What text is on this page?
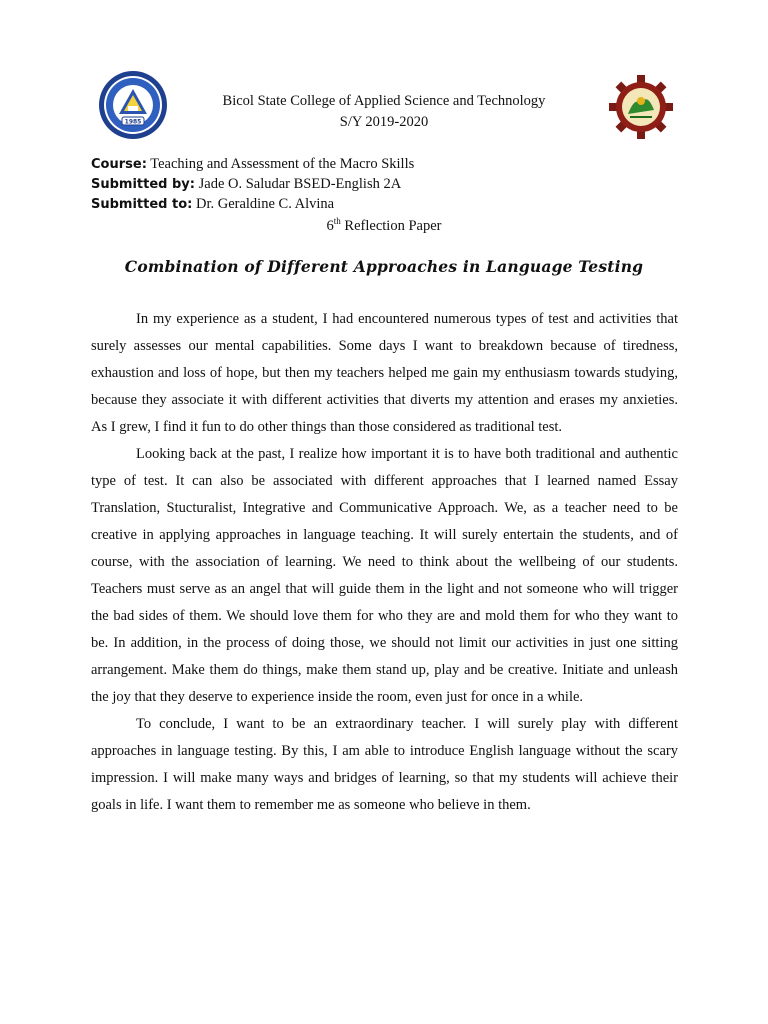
1985
Bicol State College of Applied Science and Technology
S/Y 2019-2020
Course: Teaching and Assessment of the Macro Skills
Submitted by: Jade O. Saludar BSED-English 2A
Submitted to: Dr. Geraldine C. Alvina
6th Reflection Paper
Combination of Different Approaches in Language Testing

In my experience as a student, I had encountered numerous types of test and activities that surely assesses our mental capabilities. Some days I want to breakdown because of tiredness, exhaustion and loss of hope, but then my teachers helped me gain my enthusiasm towards studying, because they associate it with different activities that diverts my attention and erases my anxieties. As I grew, I find it fun to do other things than those considered as traditional test.

Looking back at the past, I realize how important it is to have both traditional and authentic type of test. It can also be associated with different approaches that I learned named Essay Translation, Stucturalist, Integrative and Communicative Approach. We, as a teacher need to be creative in applying approaches in language teaching. It will surely entertain the students, and of course, with the association of learning. We need to think about the wellbeing of our students. Teachers must serve as an angel that will guide them in the light and not someone who will trigger the bad sides of them. We should love them for who they are and mold them for who they want to be. In addition, in the process of doing those, we should not limit our activities in just one sitting arrangement. Make them do things, make them stand up, play and be creative. Initiate and unleash the joy that they deserve to experience inside the room, even just for once in a while.

To conclude, I want to be an extraordinary teacher. I will surely play with different approaches in language testing. By this, I am able to introduce English language without the scary impression. I will make many ways and bridges of learning, so that my students will achieve their goals in life. I want them to remember me as someone who believe in them.
